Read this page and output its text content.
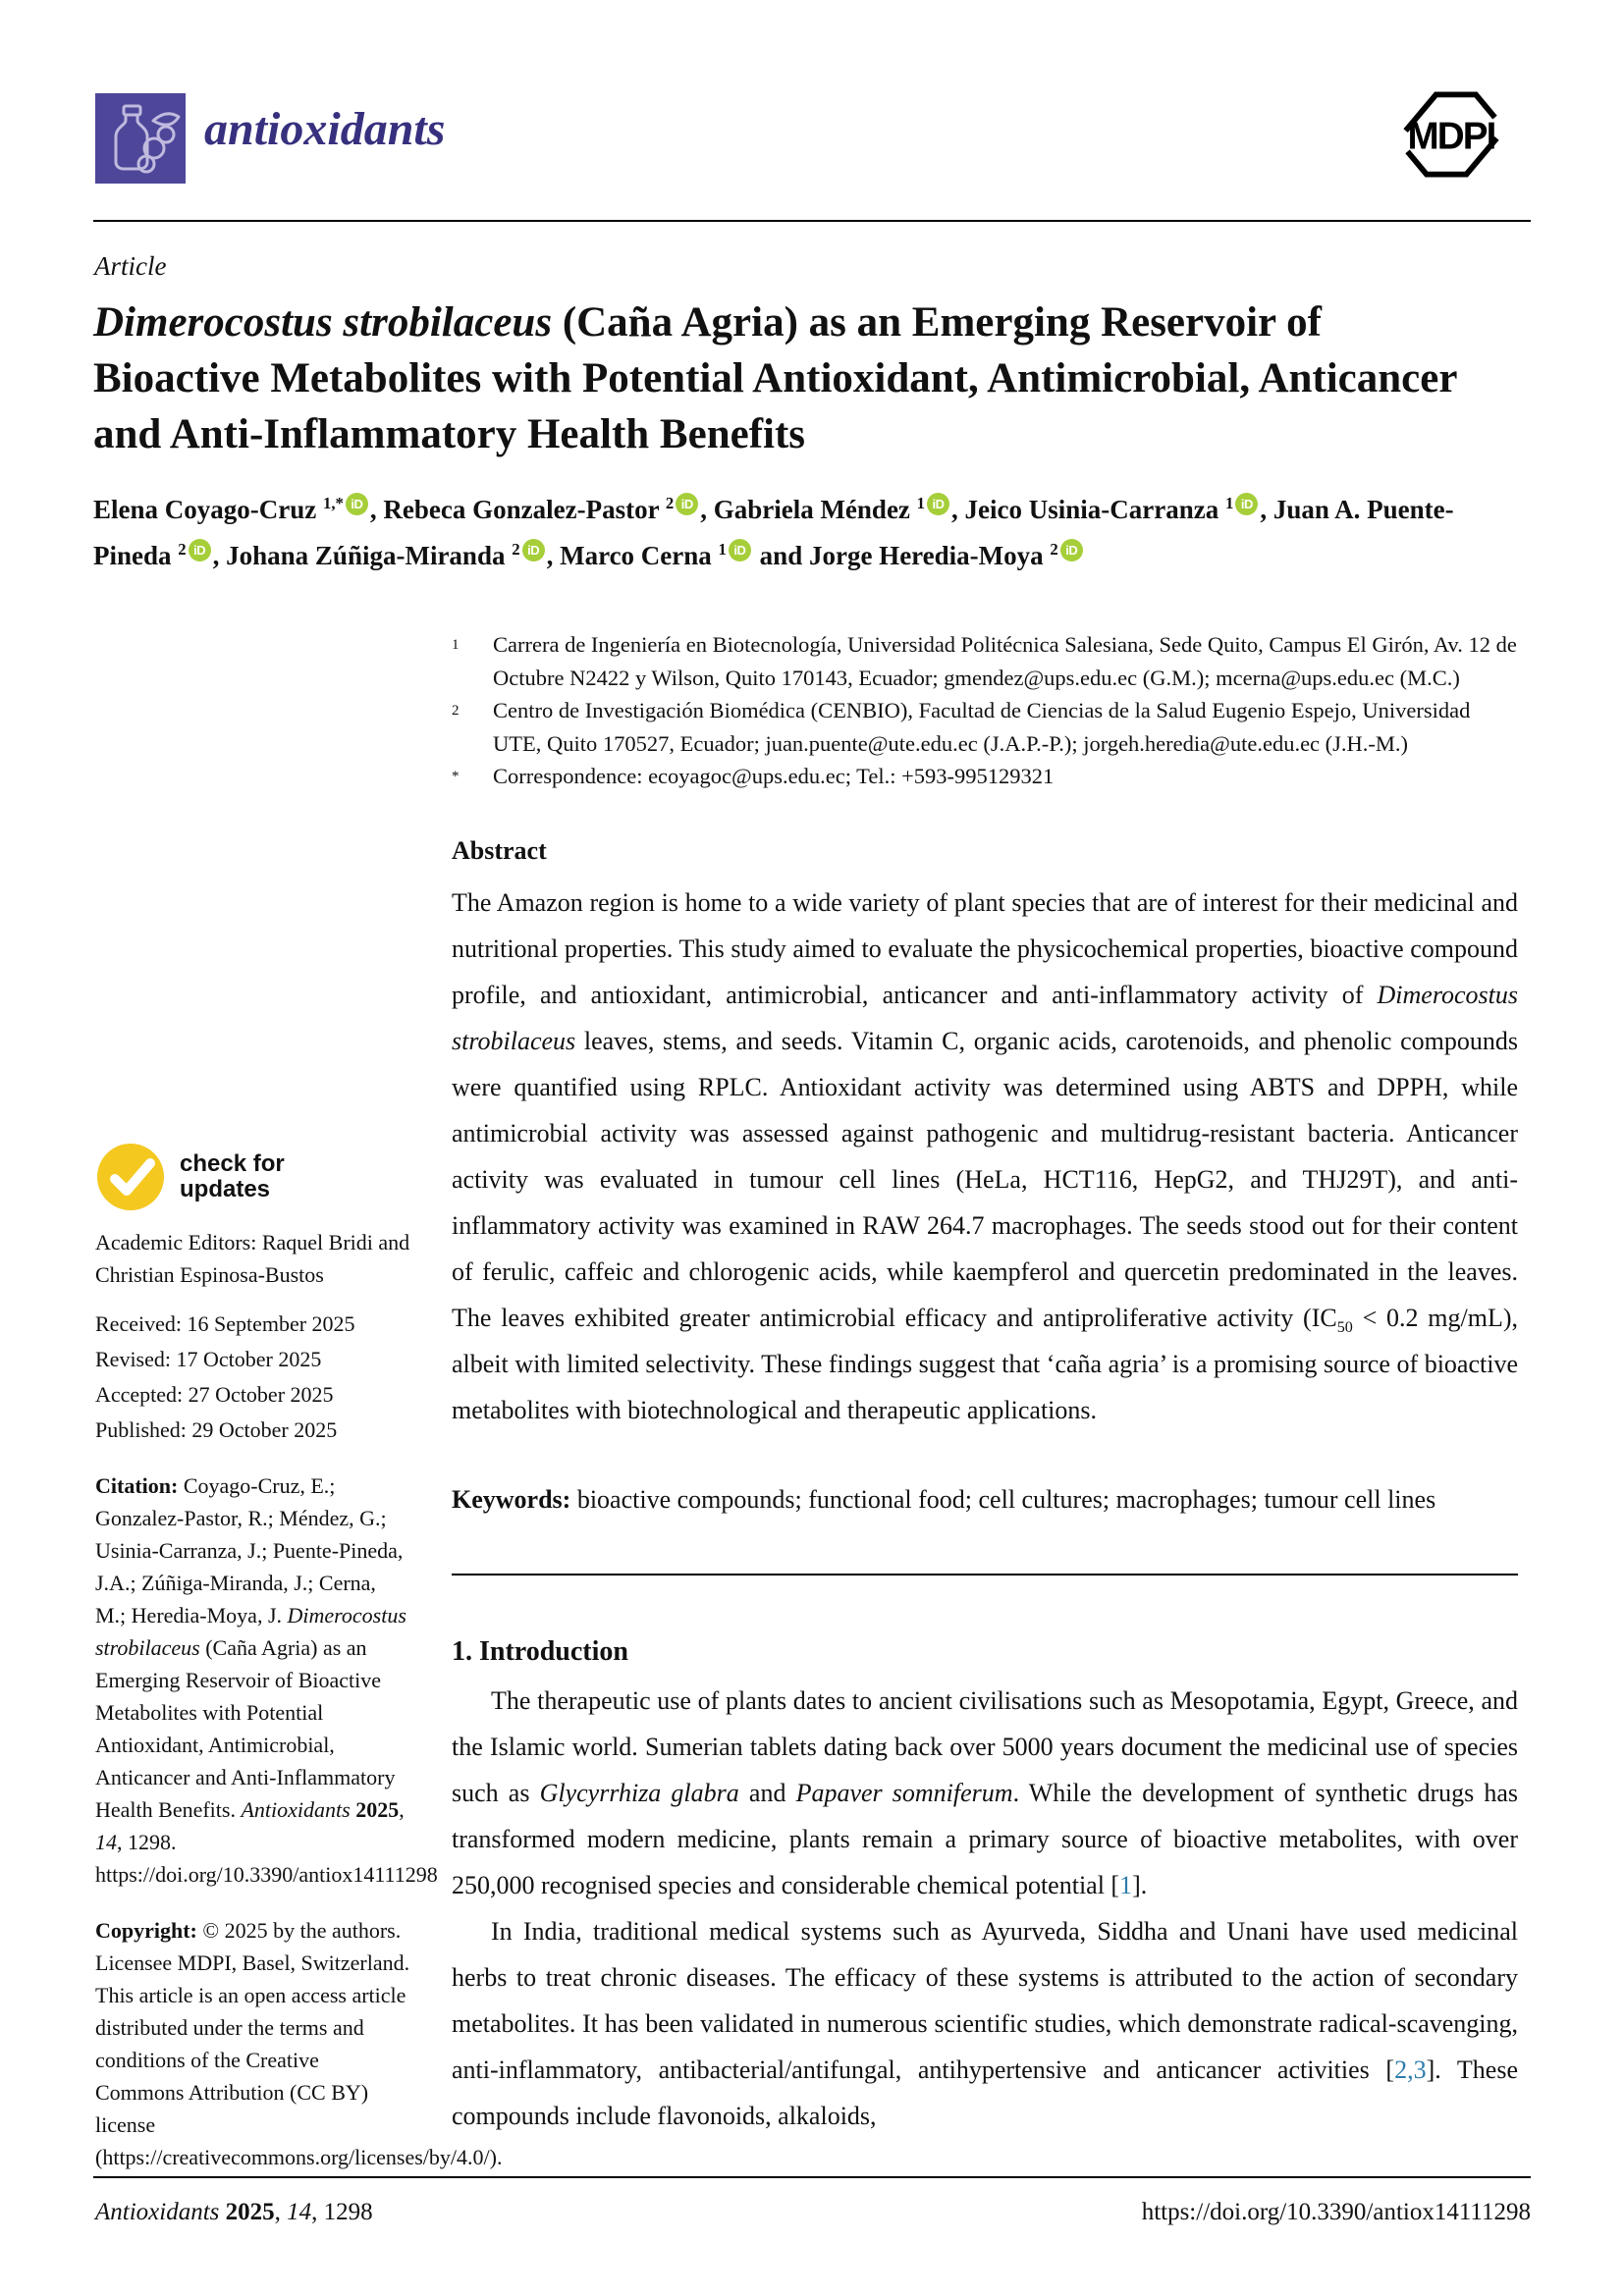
antioxidants	MDPI
Article
Dimerocostus strobilaceus (Caña Agria) as an Emerging Reservoir of Bioactive Metabolites with Potential Antioxidant, Antimicrobial, Anticancer and Anti-Inflammatory Health Benefits
Elena Coyago-Cruz $^{1,*}$ iD , Rebeca Gonzalez-Pastor $^2$ iD , Gabriela Méndez $^1$ iD , Jeico Usinia-Carranza $^1$ iD , Juan A. Puente-Pineda $^2$ iD , Johana Zúñiga-Miranda $^2$ iD , Marco Cerna $^1$ iD and Jorge Heredia-Moya $^2$ iD
1	Carrera de Ingeniería en Biotecnología, Universidad Politécnica Salesiana, Sede Quito, Campus El Girón, Av. 12 de Octubre N2422 y Wilson, Quito 170143, Ecuador; gmendez@ups.edu.ec (G.M.); mcerna@ups.edu.ec (M.C.)
2	Centro de Investigación Biomédica (CENBIO), Facultad de Ciencias de la Salud Eugenio Espejo, Universidad UTE, Quito 170527, Ecuador; juan.puente@ute.edu.ec (J.A.P.-P.); jorgeh.heredia@ute.edu.ec (J.H.-M.)
*	Correspondence: ecoyagoc@ups.edu.ec; Tel.: +593-995129321
Abstract
The Amazon region is home to a wide variety of plant species that are of interest for their medicinal and nutritional properties. This study aimed to evaluate the physicochemical properties, bioactive compound profile, and antioxidant, antimicrobial, anticancer and anti-inflammatory activity of Dimerocostus strobilaceus leaves, stems, and seeds. Vitamin C, organic acids, carotenoids, and phenolic compounds were quantified using RPLC. Antioxidant activity was determined using ABTS and DPPH, while antimicrobial activity was assessed against pathogenic and multidrug-resistant bacteria. Anticancer activity was evaluated in tumour cell lines (HeLa, HCT116, HepG2, and THJ29T), and anti-inflammatory activity was examined in RAW 264.7 macrophages. The seeds stood out for their content of ferulic, caffeic and chlorogenic acids, while kaempferol and quercetin predominated in the leaves. The leaves exhibited greater antimicrobial efficacy and antiproliferative activity ($IC_{50} < 0.2$ mg/mL), albeit with limited selectivity. These findings suggest that ‘caña agria’ is a promising source of bioactive metabolites with biotechnological and therapeutic applications.
Keywords: bioactive compounds; functional food; cell cultures; macrophages; tumour cell lines
1. Introduction

The therapeutic use of plants dates to ancient civilisations such as Mesopotamia, Egypt, Greece, and the Islamic world. Sumerian tablets dating back over 5000 years document the medicinal use of species such as Glycyrrhiza glabra and Papaver somniferum. While the development of synthetic drugs has transformed modern medicine, plants remain a primary source of bioactive metabolites, with over 250,000 recognised species and considerable chemical potential [1].

In India, traditional medical systems such as Ayurveda, Siddha and Unani have used medicinal herbs to treat chronic diseases. The efficacy of these systems is attributed to the action of secondary metabolites. It has been validated in numerous scientific studies, which demonstrate radical-scavenging, anti-inflammatory, antibacterial/antifungal, antihypertensive and anticancer activities [2,3]. These compounds include flavonoids, alkaloids,

check for
updates
Academic Editors: Raquel Bridi and Christian Espinosa-Bustos
Received: 16 September 2025
Revised: 17 October 2025
Accepted: 27 October 2025
Published: 29 October 2025
Citation: Coyago-Cruz, E.; Gonzalez-Pastor, R.; Méndez, G.; Usinia-Carranza, J.; Puente-Pineda, J.A.; Zúñiga-Miranda, J.; Cerna, M.; Heredia-Moya, J. Dimerocostus strobilaceus (Caña Agria) as an Emerging Reservoir of Bioactive Metabolites with Potential Antioxidant, Antimicrobial, Anticancer and Anti-Inflammatory Health Benefits. Antioxidants 2025, 14, 1298. https://doi.org/10.3390/antiox14111298
Copyright: © 2025 by the authors. Licensee MDPI, Basel, Switzerland. This article is an open access article distributed under the terms and conditions of the Creative Commons Attribution (CC BY) license (https://creativecommons.org/licenses/by/4.0/).
Antioxidants 2025, 14, 1298	https://doi.org/10.3390/antiox14111298
